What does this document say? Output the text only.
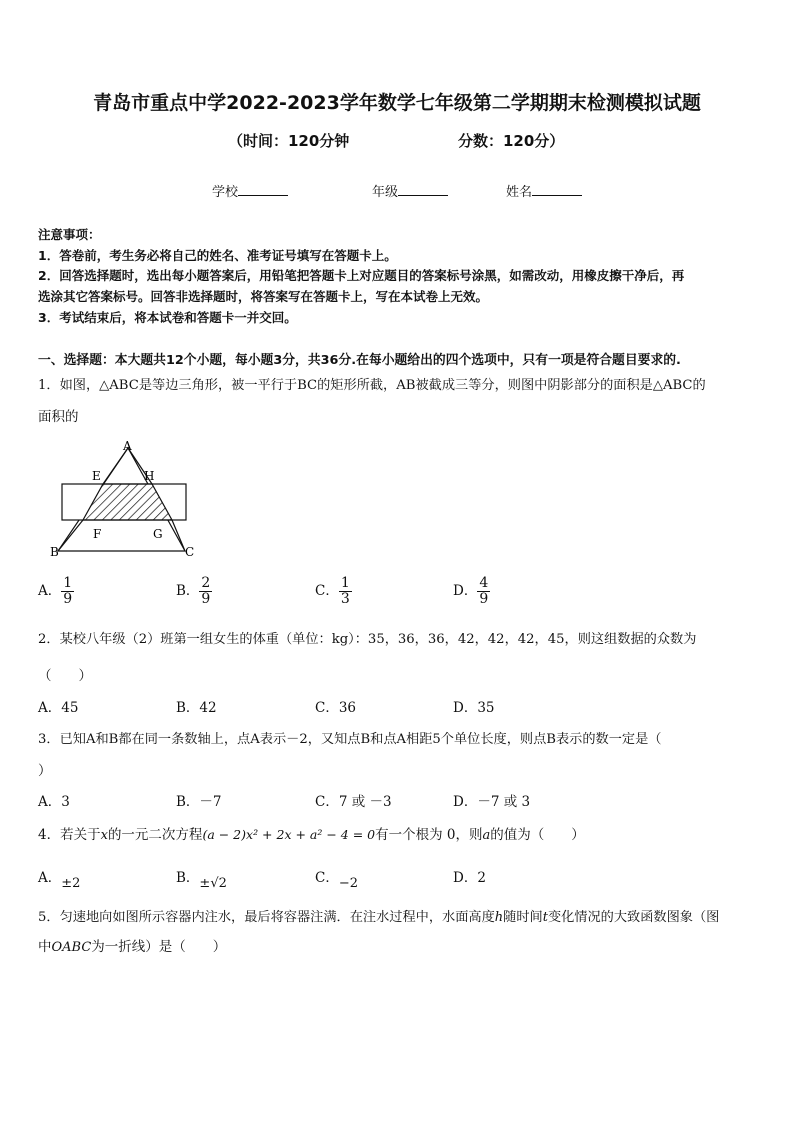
青岛市重点中学2022-2023学年数学七年级第二学期期末检测模拟试题
（时间：120分钟	分数：120分）
学校	年级	姓名
注意事项：
1．答卷前，考生务必将自己的姓名、准考证号填写在答题卡上。
2．回答选择题时，选出每小题答案后，用铅笔把答题卡上对应题目的答案标号涂黑，如需改动，用橡皮擦干净后，再
选涂其它答案标号。回答非选择题时，将答案写在答题卡上，写在本试卷上无效。
3．考试结束后，将本试卷和答题卡一并交回。
一、选择题：本大题共12个小题，每小题3分，共36分.在每小题给出的四个选项中，只有一项是符合题目要求的.
1．如图，△ABC是等边三角形，被一平行于BC的矩形所截，AB被截成三等分，则图中阴影部分的面积是△ABC的
面积的
A
E	H
F	G
B	C
A． $\frac{1}{9}$	B． $\frac{2}{9}$	C． $\frac{1}{3}$	D． $\frac{4}{9}$
2．某校八年级（2）班第一组女生的体重（单位：kg）：35，36，36，42，42，42，45，则这组数据的众数为
（　　）
A．45	B．42	C．36	D．35
3．已知A和B都在同一条数轴上，点A表示－2，又知点B和点A相距5个单位长度，则点B表示的数一定是（
）
A．3	B．－7	C．7 或 －3	D．－7 或 3
4．若关于x的一元二次方程(a − 2)x² + 2x + a² − 4 = 0有一个根为 0，则a的值为（　　）
A．±2	B．±√2	C．−2	D．2
5．匀速地向如图所示容器内注水，最后将容器注满．在注水过程中，水面高度h随时间t变化情况的大致函数图象（图
中OABC为一折线）是（　　）
